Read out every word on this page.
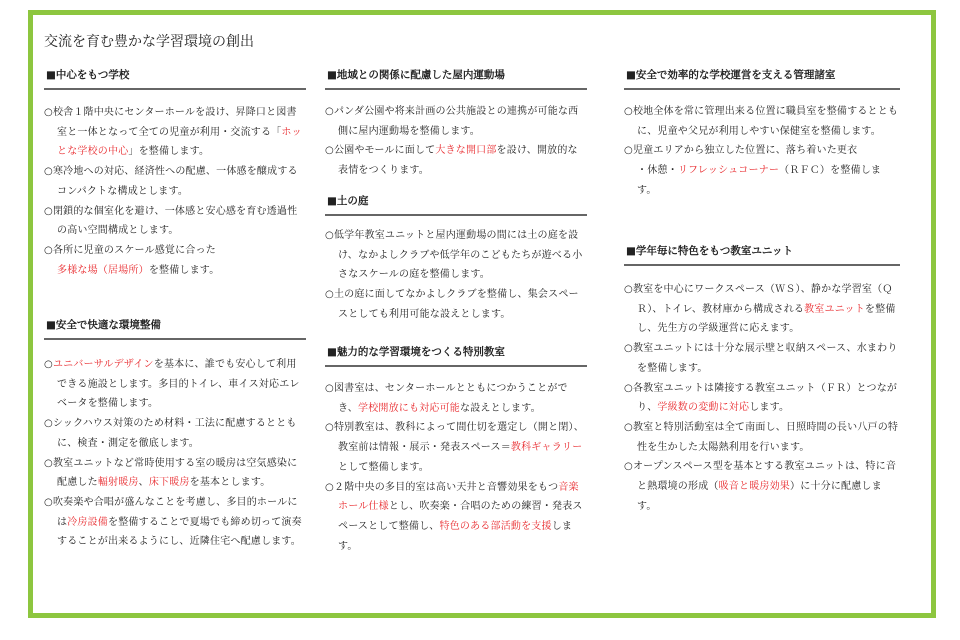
交流を育む豊かな学習環境の創出
■中心をもつ学校
○校舎１階中央にセンターホールを設け、昇降口と図書室と一体となって全ての児童が利用・交流する「ホッとな学校の中心」を整備します。
○寒冷地への対応、経済性への配慮、一体感を醸成するコンパクトな構成とします。
○閉鎖的な個室化を避け、一体感と安心感を育む透過性の高い空間構成とします。
○各所に児童のスケール感覚に合った多様な場（居場所）を整備します。
■安全で快適な環境整備
○ユニバーサルデザインを基本に、誰でも安心して利用できる施設とします。多目的トイレ、車イス対応エレベータを整備します。
○シックハウス対策のため材料・工法に配慮するとともに、検査・測定を徹底します。
○教室ユニットなど常時使用する室の暖房は空気感染に配慮した輻射暖房、床下暖房を基本とします。
○吹奏楽や合唱が盛んなことを考慮し、多目的ホールには冷房設備を整備することで夏場でも締め切って演奏することが出来るようにし、近隣住宅へ配慮します。
■地域との関係に配慮した屋内運動場
○パンダ公園や将来計画の公共施設との連携が可能な西側に屋内運動場を整備します。
○公園やモールに面して大きな開口部を設け、開放的な表情をつくります。
■土の庭
○低学年教室ユニットと屋内運動場の間には土の庭を設け、なかよしクラブや低学年のこどもたちが遊べる小さなスケールの庭を整備します。
○土の庭に面してなかよしクラブを整備し、集会スペースとしても利用可能な設えとします。
■魅力的な学習環境をつくる特別教室
○図書室は、センターホールとともにつかうことができ、学校開放にも対応可能な設えとします。
○特別教室は、教科によって間仕切を選定し（開と閉）、教室前は情報・展示・発表スペース＝教科ギャラリーとして整備します。
○２階中央の多目的室は高い天井と音響効果をもつ音楽ホール仕様とし、吹奏楽・合唱のための練習・発表スペースとして整備し、特色のある部活動を支援します。
■安全で効率的な学校運営を支える管理諸室
○校地全体を常に管理出来る位置に職員室を整備するとともに、児童や父兄が利用しやすい保健室を整備します。
○児童エリアから独立した位置に、落ち着いた更衣
・休憩・リフレッシュコーナー（ＲＦＣ）を整備します。
■学年毎に特色をもつ教室ユニット
○教室を中心にワークスペース（ＷＳ）、静かな学習室（ＱＲ）、トイレ、教材庫から構成される教室ユニットを整備し、先生方の学級運営に応えます。
○教室ユニットには十分な展示壁と収納スペース、水まわりを整備します。
○各教室ユニットは隣接する教室ユニット（ＦＲ）とつながり、学級数の変動に対応します。
○教室と特別活動室は全て南面し、日照時間の長い八戸の特性を生かした太陽熱利用を行います。
○オープンスペース型を基本とする教室ユニットは、特に音と熱環境の形成（吸音と暖房効果）に十分に配慮します。
